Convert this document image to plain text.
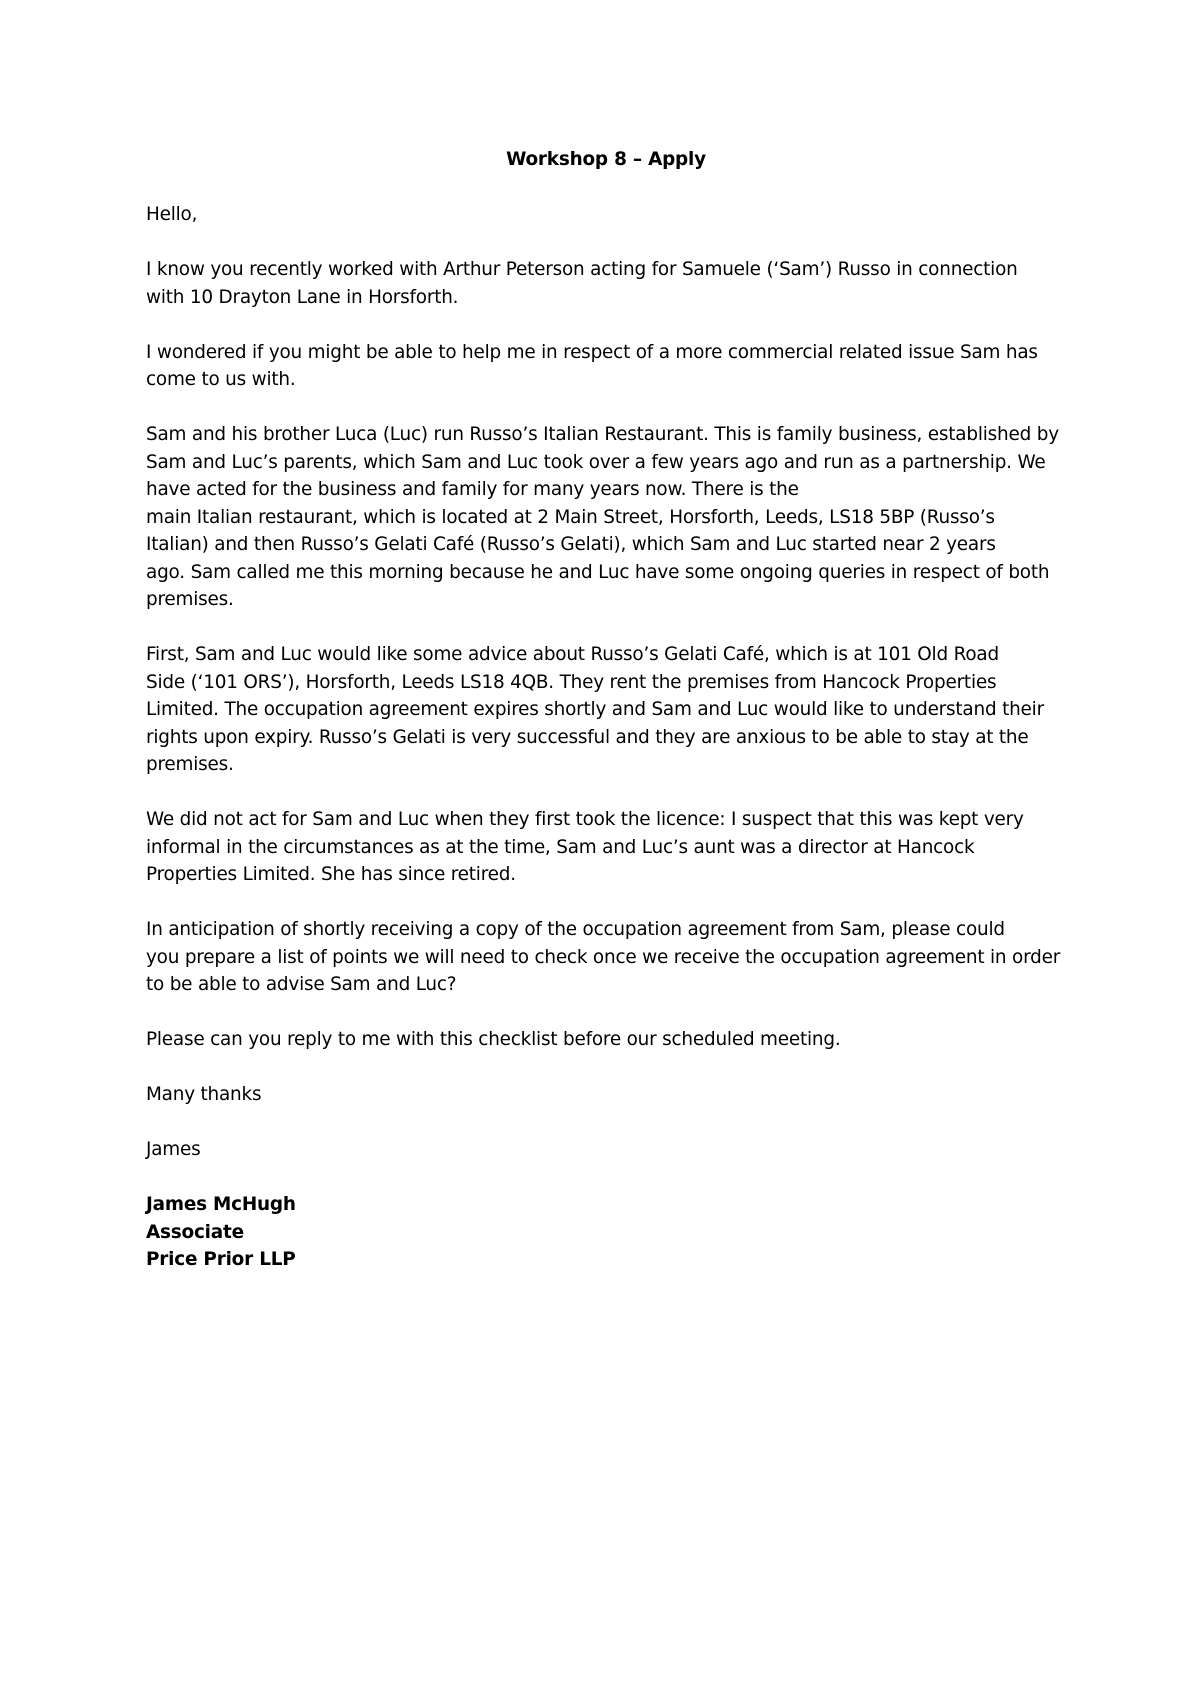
Workshop 8 – Apply
Hello,
I know you recently worked with Arthur Peterson acting for Samuele (‘Sam’) Russo in connection
with 10 Drayton Lane in Horsforth.
I wondered if you might be able to help me in respect of a more commercial related issue Sam has
come to us with.
Sam and his brother Luca (Luc) run Russo’s Italian Restaurant. This is family business, established by
Sam and Luc’s parents, which Sam and Luc took over a few years ago and run as a partnership. We
have acted for the business and family for many years now. There is the
main Italian restaurant, which is located at 2 Main Street, Horsforth, Leeds, LS18 5BP (Russo’s
Italian) and then Russo’s Gelati Café (Russo’s Gelati), which Sam and Luc started near 2 years
ago. Sam called me this morning because he and Luc have some ongoing queries in respect of both
premises.
First, Sam and Luc would like some advice about Russo’s Gelati Café, which is at 101 Old Road
Side (‘101 ORS’), Horsforth, Leeds LS18 4QB. They rent the premises from Hancock Properties
Limited. The occupation agreement expires shortly and Sam and Luc would like to understand their
rights upon expiry. Russo’s Gelati is very successful and they are anxious to be able to stay at the
premises.
We did not act for Sam and Luc when they first took the licence: I suspect that this was kept very
informal in the circumstances as at the time, Sam and Luc’s aunt was a director at Hancock
Properties Limited. She has since retired.
In anticipation of shortly receiving a copy of the occupation agreement from Sam, please could
you prepare a list of points we will need to check once we receive the occupation agreement in order
to be able to advise Sam and Luc?
Please can you reply to me with this checklist before our scheduled meeting.
Many thanks
James
James McHugh
Associate
Price Prior LLP
